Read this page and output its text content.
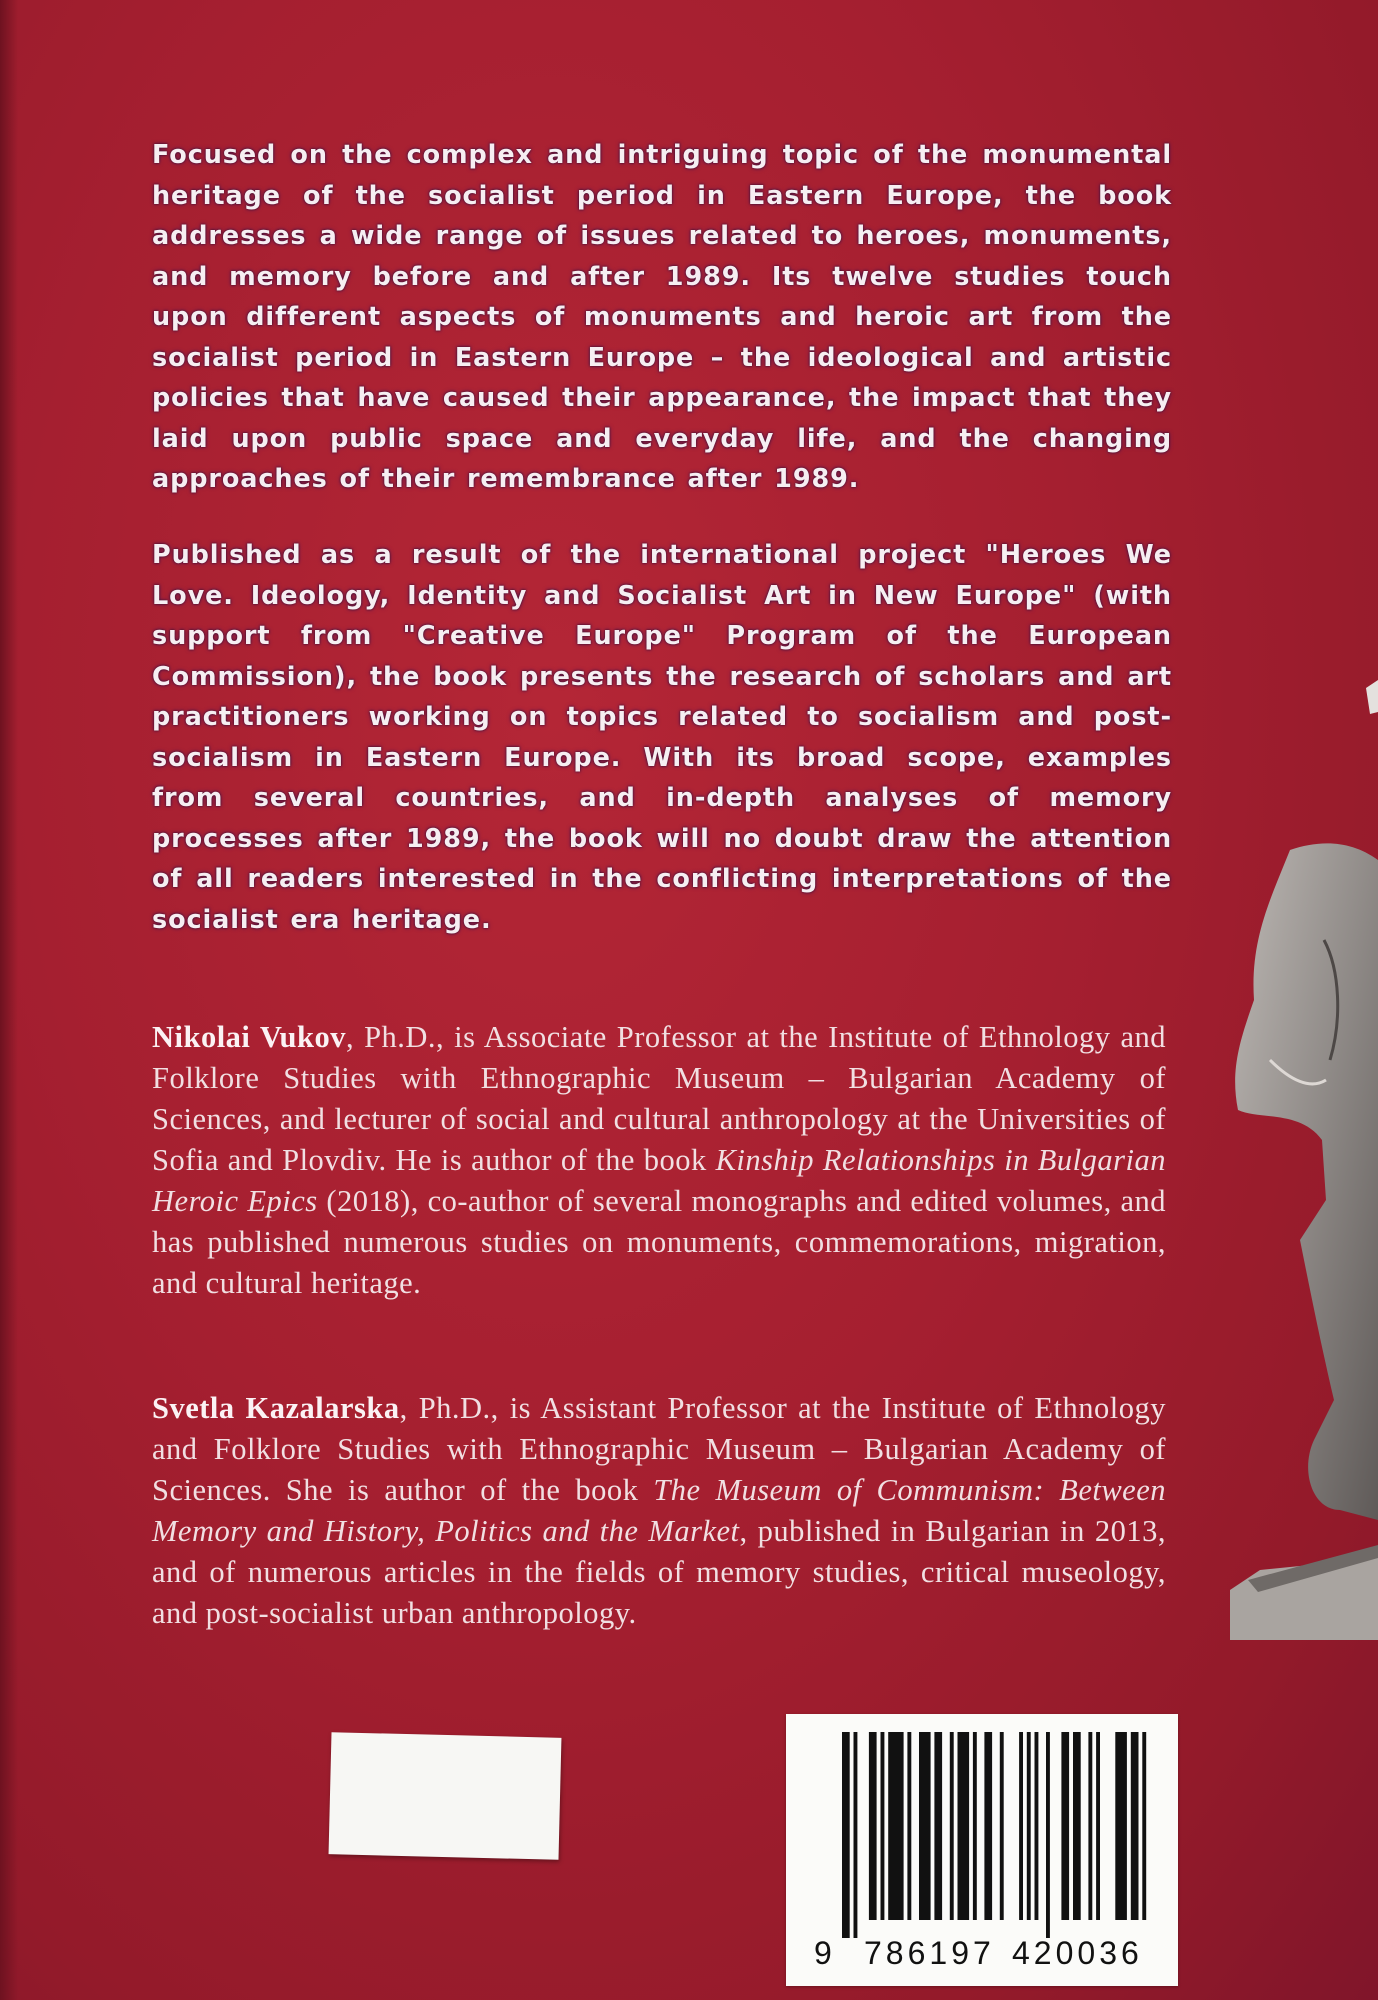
Focused on the complex and intriguing topic of the monumental heritage of the socialist period in Eastern Europe, the book addresses a wide range of issues related to heroes, monuments, and memory before and after 1989. Its twelve studies touch upon different aspects of monuments and heroic art from the socialist period in Eastern Europe – the ideological and artistic policies that have caused their appearance, the impact that they laid upon public space and everyday life, and the changing approaches of their remembrance after 1989.

Published as a result of the international project "Heroes We Love. Ideology, Identity and Socialist Art in New Europe" (with support from "Creative Europe" Program of the European Commission), the book presents the research of scholars and art practitioners working on topics related to socialism and post-socialism in Eastern Europe. With its broad scope, examples from several countries, and in-depth analyses of memory processes after 1989, the book will no doubt draw the attention of all readers interested in the conflicting interpretations of the socialist era heritage.

Nikolai Vukov, Ph.D., is Associate Professor at the Institute of Ethnology and Folklore Studies with Ethnographic Museum – Bulgarian Academy of Sciences, and lecturer of social and cultural anthropology at the Universities of Sofia and Plovdiv. He is author of the book Kinship Relationships in Bulgarian Heroic Epics (2018), co-author of several monographs and edited volumes, and has published numerous studies on monuments, commemorations, migration, and cultural heritage.

Svetla Kazalarska, Ph.D., is Assistant Professor at the Institute of Ethnology and Folklore Studies with Ethnographic Museum – Bulgarian Academy of Sciences. She is author of the book The Museum of Communism: Between Memory and History, Politics and the Market, published in Bulgarian in 2013, and of numerous articles in the fields of memory studies, critical museology, and post-socialist urban anthropology.

9 786197 420036
